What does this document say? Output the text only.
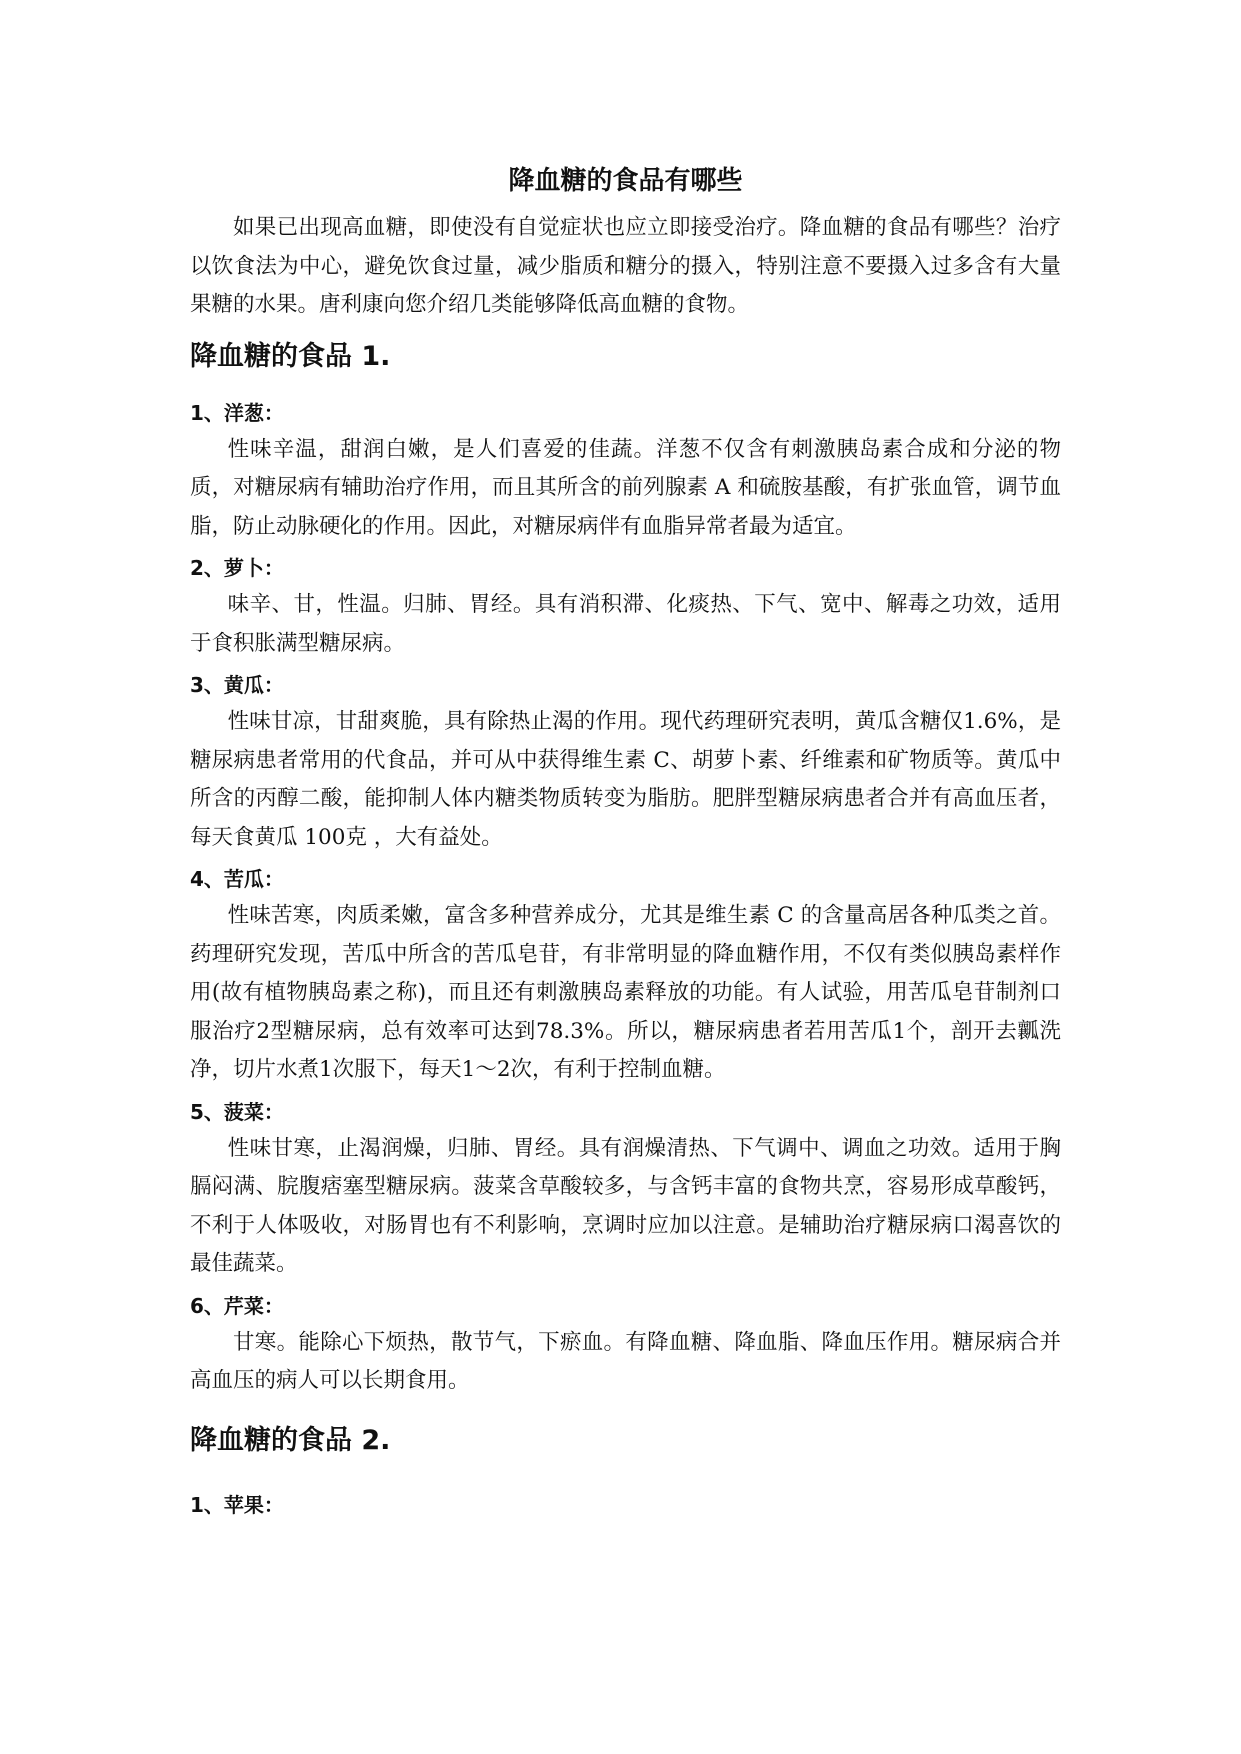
降血糖的食品有哪些

如果已出现高血糖，即使没有自觉症状也应立即接受治疗。降血糖的食品有哪些？治疗以饮食法为中心，避免饮食过量，减少脂质和糖分的摄入，特别注意不要摄入过多含有大量果糖的水果。唐利康向您介绍几类能够降低高血糖的食物。

降血糖的食品 1.
1、洋葱：

性味辛温，甜润白嫩，是人们喜爱的佳蔬。洋葱不仅含有刺激胰岛素合成和分泌的物质，对糖尿病有辅助治疗作用，而且其所含的前列腺素 A 和硫胺基酸，有扩张血管，调节血脂，防止动脉硬化的作用。因此，对糖尿病伴有血脂异常者最为适宜。

2、萝卜：

味辛、甘，性温。归肺、胃经。具有消积滞、化痰热、下气、宽中、解毒之功效，适用于食积胀满型糖尿病。

3、黄瓜：

性味甘凉，甘甜爽脆，具有除热止渴的作用。现代药理研究表明，黄瓜含糖仅1.6%，是糖尿病患者常用的代食品，并可从中获得维生素 C、胡萝卜素、纤维素和矿物质等。黄瓜中所含的丙醇二酸，能抑制人体内糖类物质转变为脂肪。肥胖型糖尿病患者合并有高血压者，每天食黄瓜 100克 ，大有益处。

4、苦瓜：

性味苦寒，肉质柔嫩，富含多种营养成分，尤其是维生素 C 的含量高居各种瓜类之首。药理研究发现，苦瓜中所含的苦瓜皂苷，有非常明显的降血糖作用，不仅有类似胰岛素样作用(故有植物胰岛素之称)，而且还有刺激胰岛素释放的功能。有人试验，用苦瓜皂苷制剂口服治疗2型糖尿病，总有效率可达到78.3%。所以，糖尿病患者若用苦瓜1个，剖开去瓤洗净，切片水煮1次服下，每天1～2次，有利于控制血糖。

5、菠菜：

性味甘寒，止渴润燥，归肺、胃经。具有润燥清热、下气调中、调血之功效。适用于胸膈闷满、脘腹痞塞型糖尿病。菠菜含草酸较多，与含钙丰富的食物共烹，容易形成草酸钙，不利于人体吸收，对肠胃也有不利影响，烹调时应加以注意。是辅助治疗糖尿病口渴喜饮的最佳蔬菜。

6、芹菜：

甘寒。能除心下烦热，散节气，下瘀血。有降血糖、降血脂、降血压作用。糖尿病合并高血压的病人可以长期食用。

降血糖的食品 2.
1、苹果：
